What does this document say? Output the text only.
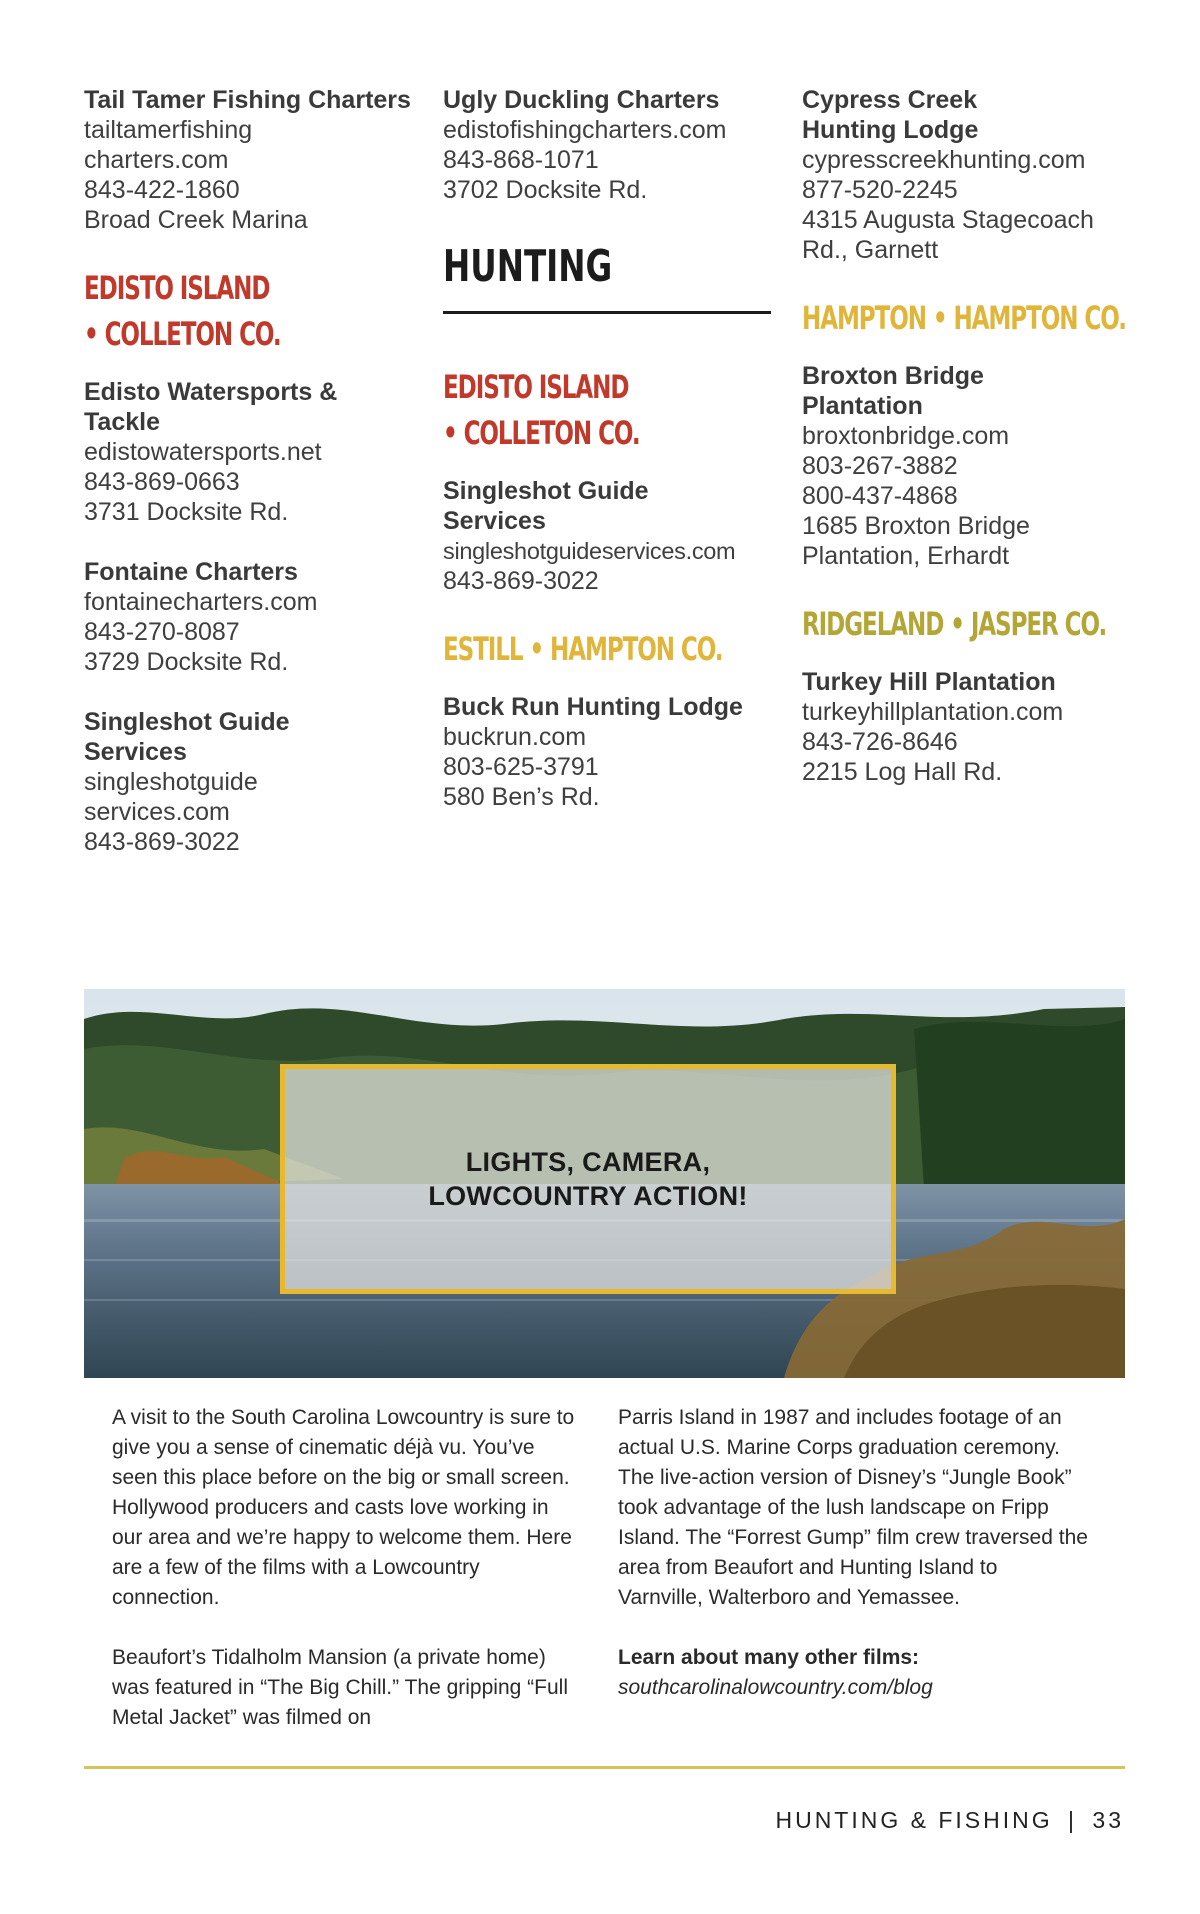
Tail Tamer Fishing Charters
tailtamerfishing
charters.com
843-422-1860
Broad Creek Marina
EDISTO ISLAND
• COLLETON CO.
Edisto Watersports & Tackle
edistowatersports.net
843-869-0663
3731 Docksite Rd.
Fontaine Charters
fontainecharters.com
843-270-8087
3729 Docksite Rd.
Singleshot Guide Services
singleshotguide
services.com
843-869-3022
Ugly Duckling Charters
edistofishingcharters.com
843-868-1071
3702 Docksite Rd.
HUNTING
EDISTO ISLAND
• COLLETON CO.
Singleshot Guide Services
singleshotguideservices.com
843-869-3022
ESTILL • HAMPTON CO.
Buck Run Hunting Lodge
buckrun.com
803-625-3791
580 Ben’s Rd.
Cypress Creek Hunting Lodge
cypresscreekhunting.com
877-520-2245
4315 Augusta Stagecoach
Rd., Garnett
HAMPTON • HAMPTON CO.
Broxton Bridge Plantation
broxtonbridge.com
803-267-3882
800-437-4868
1685 Broxton Bridge
Plantation, Erhardt
RIDGELAND • JASPER CO.
Turkey Hill Plantation
turkeyhillplantation.com
843-726-8646
2215 Log Hall Rd.
LIGHTS, CAMERA,
LOWCOUNTRY ACTION!

A visit to the South Carolina Lowcountry is sure to give you a sense of cinematic déjà vu. You’ve seen this place before on the big or small screen. Hollywood producers and casts love working in our area and we’re happy to welcome them. Here are a few of the films with a Lowcountry connection.

Beaufort’s Tidalholm Mansion (a private home) was featured in “The Big Chill.” The gripping “Full Metal Jacket” was filmed on

Parris Island in 1987 and includes footage of an actual U.S. Marine Corps graduation ceremony. The live-action version of Disney’s “Jungle Book” took advantage of the lush landscape on Fripp Island. The “Forrest Gump” film crew traversed the area from Beaufort and Hunting Island to Varnville, Walterboro and Yemassee.

Learn about many other films:
southcarolinalowcountry.com/blog
HUNTING & FISHING | 33
